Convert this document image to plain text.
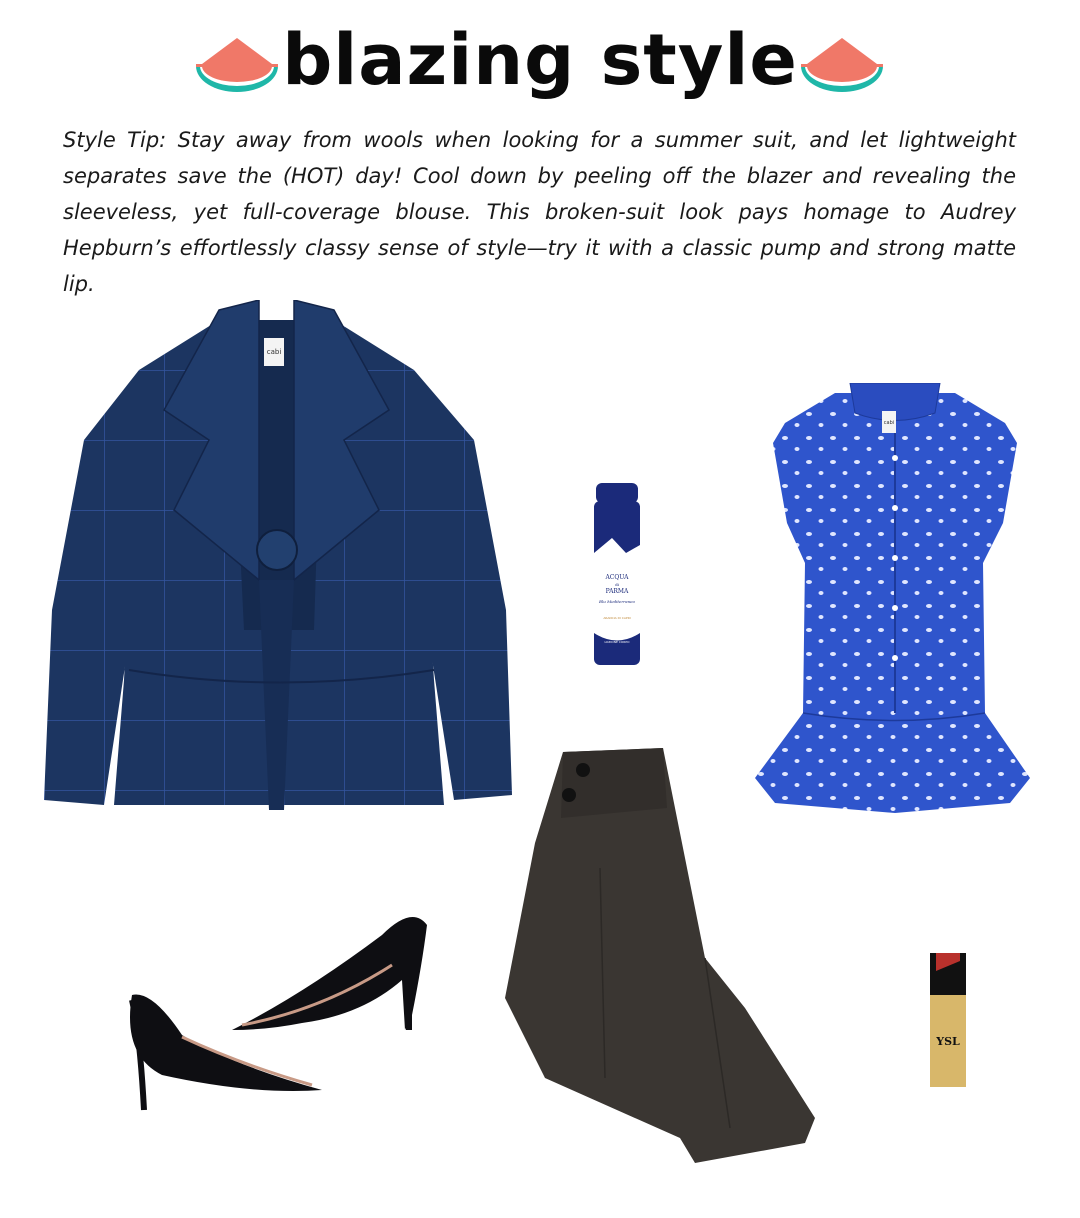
blazing style
Style Tip: Stay away from wools when looking for a summer suit, and let lightweight separates save the (HOT) day! Cool down by peeling off the blazer and revealing the sleeveless, yet full-coverage blouse. This broken-suit look pays homage to Audrey Hepburn’s effortlessly classy sense of style—try it with a classic pump and strong matte lip.
cabi
ACQUA
di
PARMA
Blu Mediterraneo
ARANCIA DI CAPRI
LOZIONE CORPO
cabi
YSL
